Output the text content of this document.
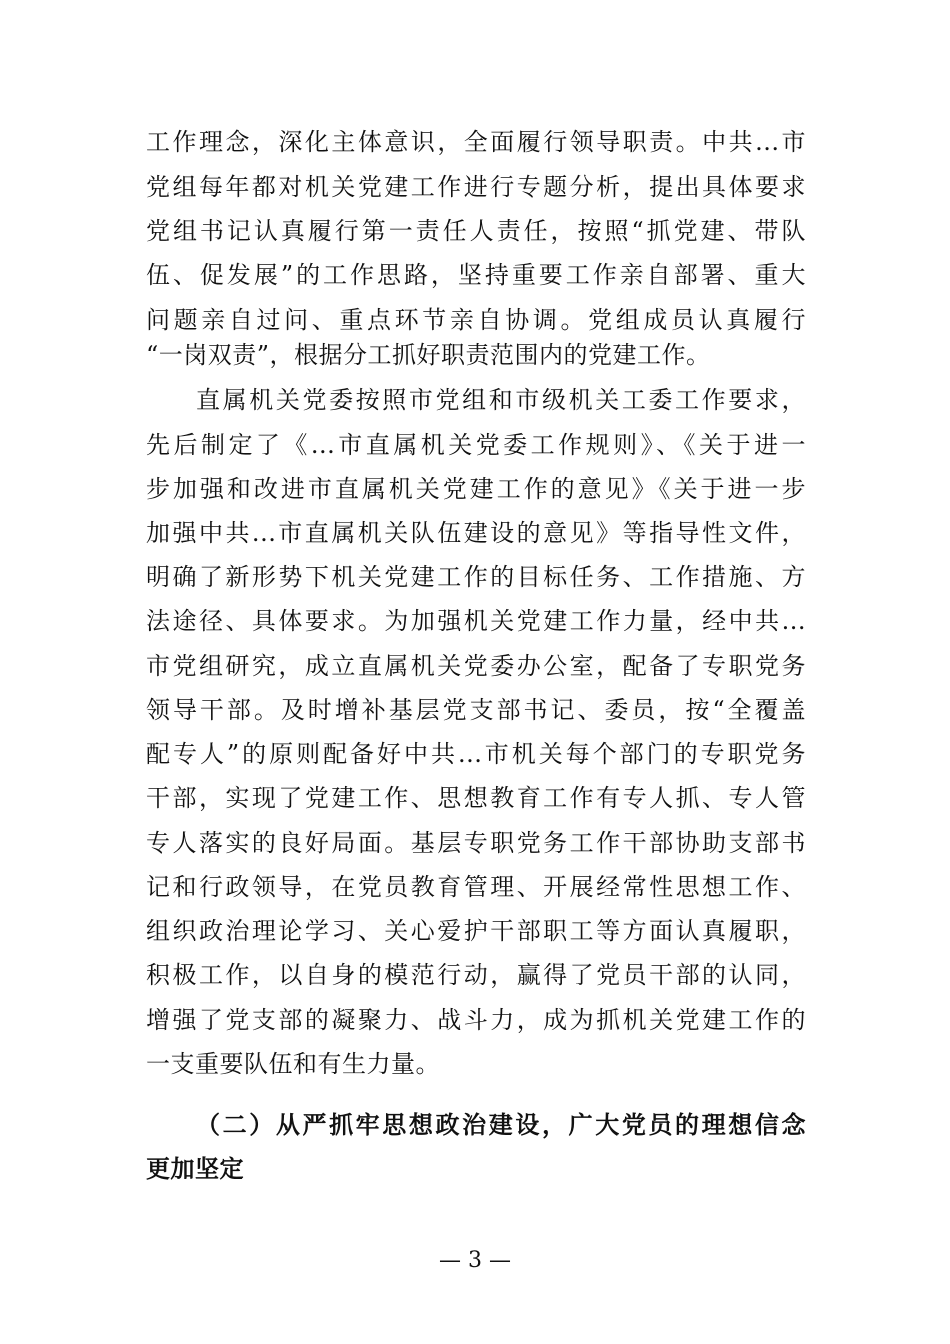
工作理念，深化主体意识，全面履行领导职责。中共...市
党组每年都对机关党建工作进行专题分析，提出具体要求
党组书记认真履行第一责任人责任，按照“抓党建、带队
伍、促发展”的工作思路，坚持重要工作亲自部署、重大
问题亲自过问、重点环节亲自协调。党组成员认真履行
“一岗双责”，根据分工抓好职责范围内的党建工作。
直属机关党委按照市党组和市级机关工委工作要求，
先后制定了《...市直属机关党委工作规则》、《关于进一
步加强和改进市直属机关党建工作的意见》《关于进一步
加强中共...市直属机关队伍建设的意见》等指导性文件，
明确了新形势下机关党建工作的目标任务、工作措施、方
法途径、具体要求。为加强机关党建工作力量，经中共...
市党组研究，成立直属机关党委办公室，配备了专职党务
领导干部。及时增补基层党支部书记、委员，按“全覆盖
配专人”的原则配备好中共...市机关每个部门的专职党务
干部，实现了党建工作、思想教育工作有专人抓、专人管
专人落实的良好局面。基层专职党务工作干部协助支部书
记和行政领导，在党员教育管理、开展经常性思想工作、
组织政治理论学习、关心爱护干部职工等方面认真履职，
积极工作，以自身的模范行动，赢得了党员干部的认同，
增强了党支部的凝聚力、战斗力，成为抓机关党建工作的
一支重要队伍和有生力量。
（二）从严抓牢思想政治建设，广大党员的理想信念
更加坚定
— 3 —
